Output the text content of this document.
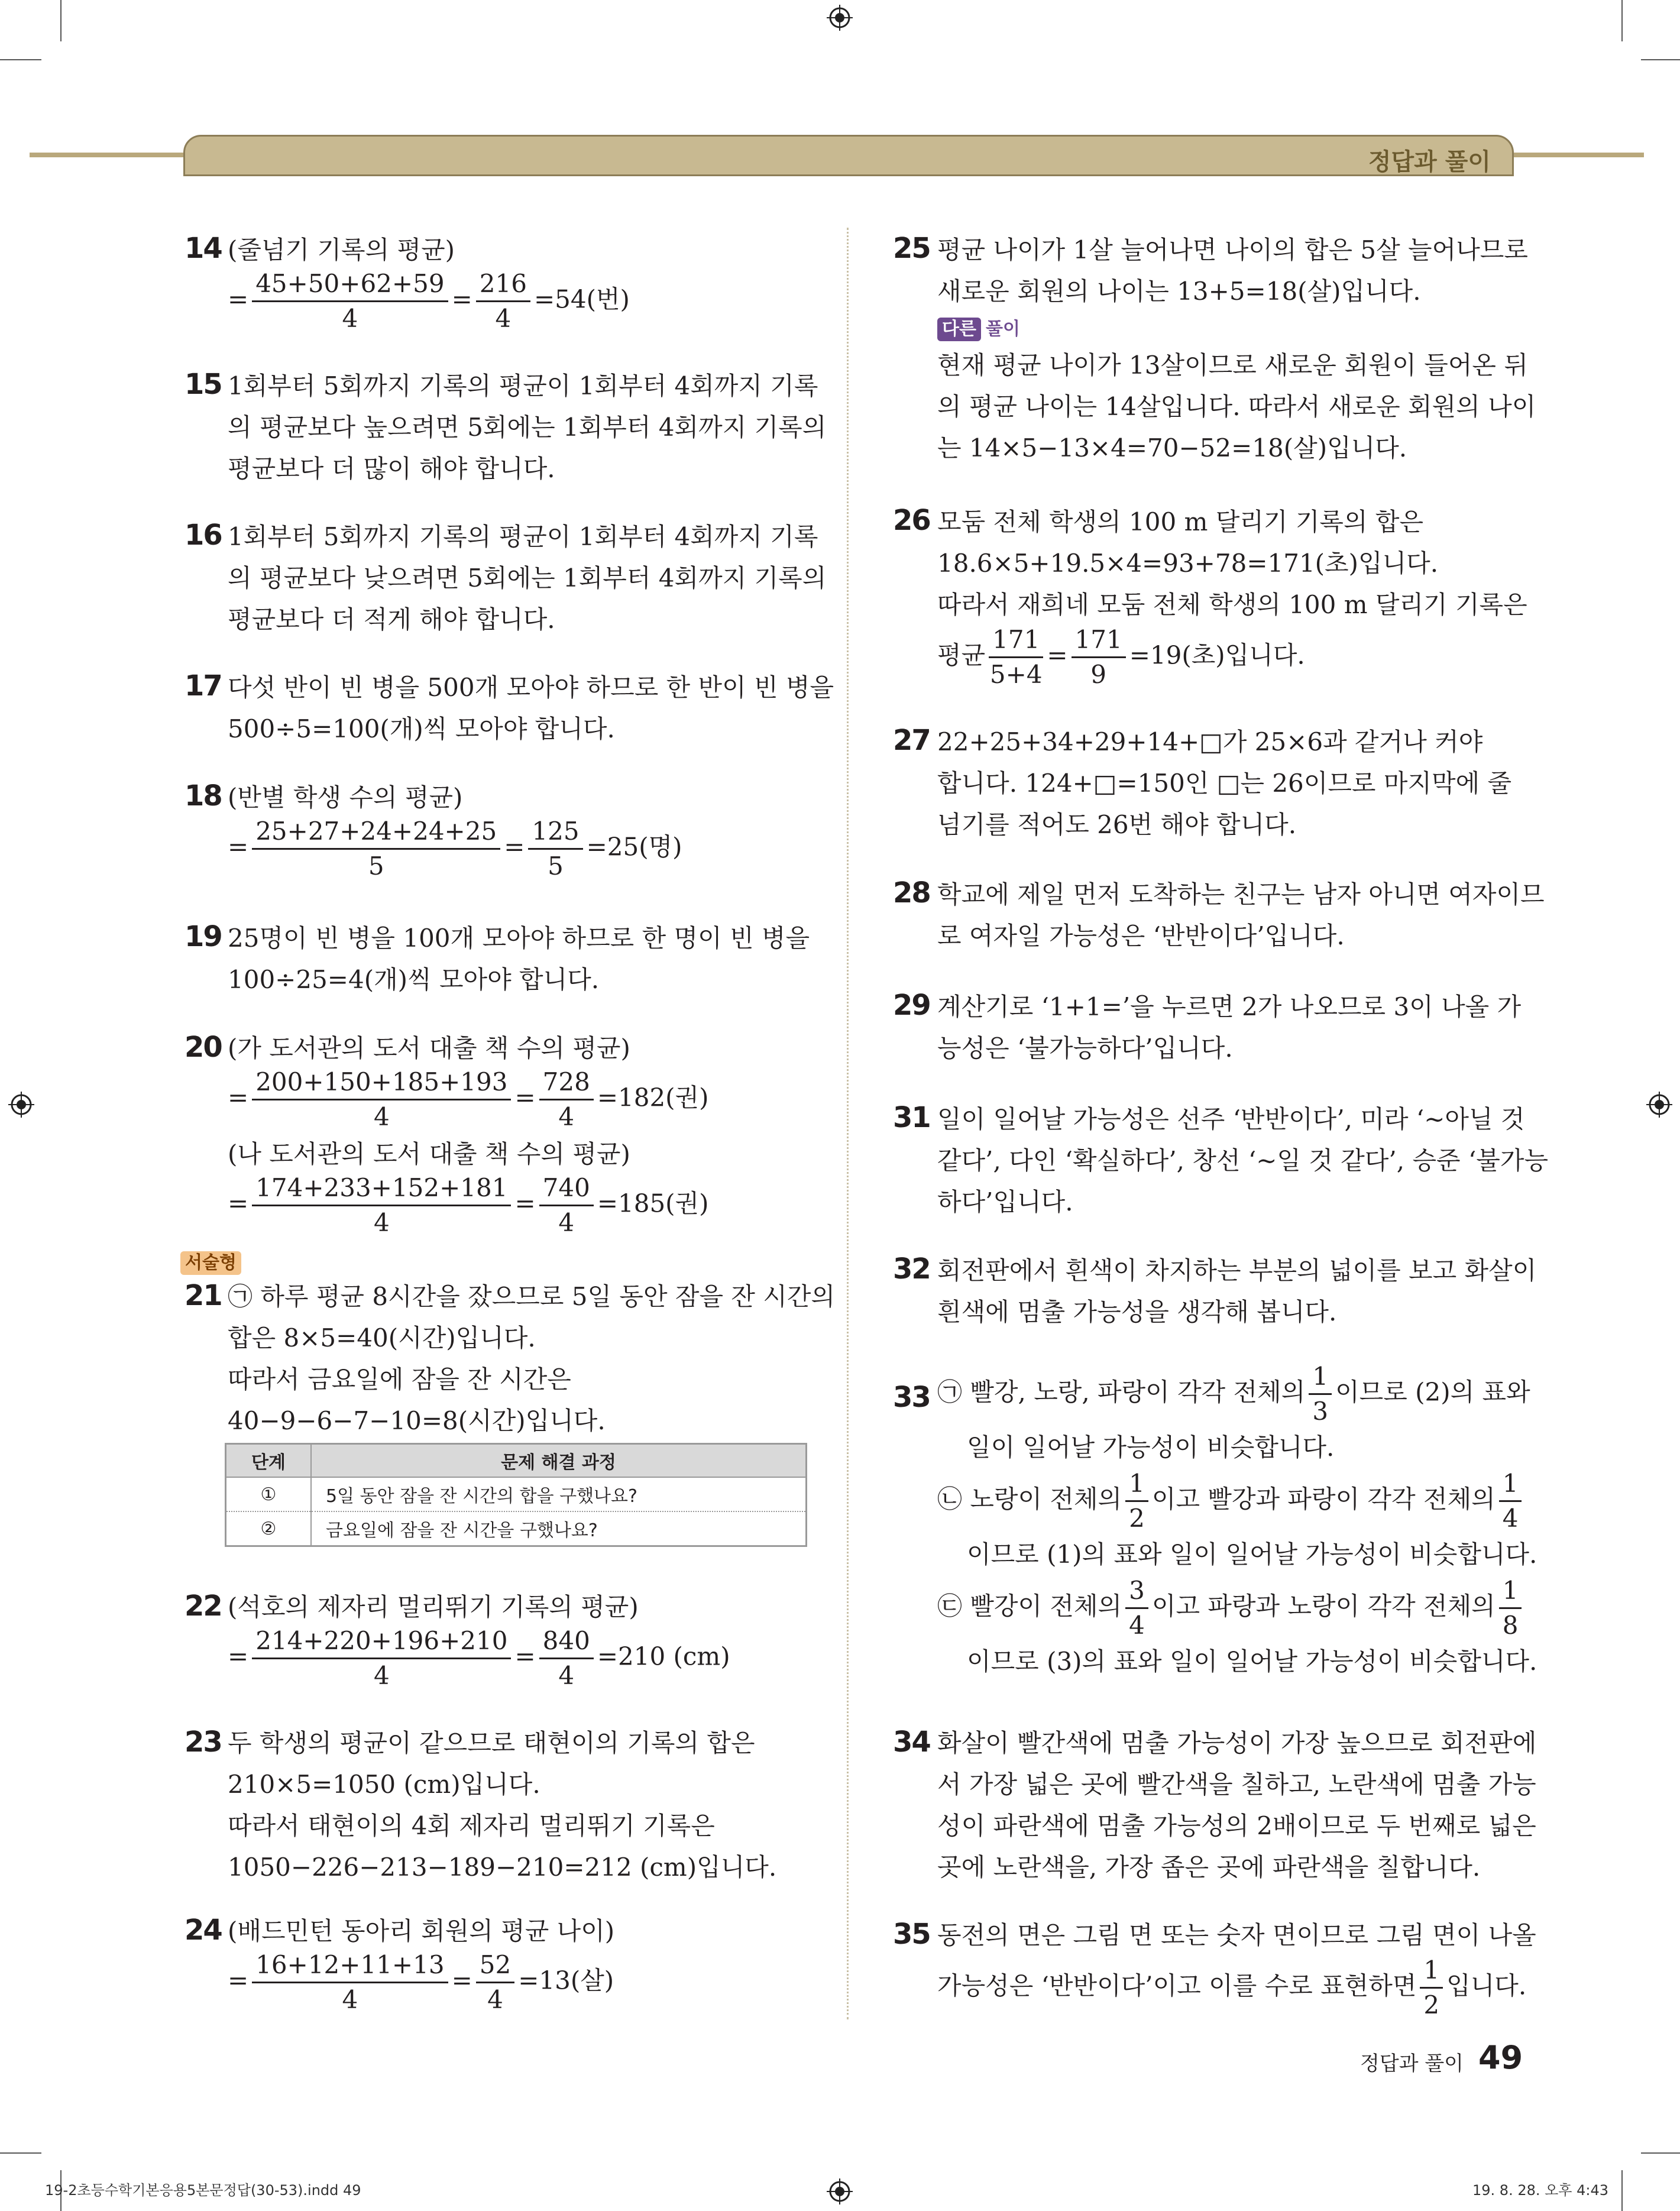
정답과 풀이
14 (줄넘기 기록의 평균)
= $\frac{45+50+62+59}{4} = \frac{216}{4} =54$(번)
15 1회부터 5회까지 기록의 평균이 1회부터 4회까지 기록
의 평균보다 높으려면 5회에는 1회부터 4회까지 기록의
평균보다 더 많이 해야 합니다.
16 1회부터 5회까지 기록의 평균이 1회부터 4회까지 기록
의 평균보다 낮으려면 5회에는 1회부터 4회까지 기록의
평균보다 더 적게 해야 합니다.
17 다섯 반이 빈 병을 500개 모아야 하므로 한 반이 빈 병을
500÷5=100(개)씩 모아야 합니다.
18 (반별 학생 수의 평균)
= $\frac{25+27+24+24+25}{5} = \frac{125}{5} =25$(명)
19 25명이 빈 병을 100개 모아야 하므로 한 명이 빈 병을
100÷25=4(개)씩 모아야 합니다.
20 (가 도서관의 도서 대출 책 수의 평균)
= $\frac{200+150+185+193}{4} = \frac{728}{4} =182$(권)
(나 도서관의 도서 대출 책 수의 평균)
= $\frac{174+233+152+181}{4} = \frac{740}{4} =185$(권)
서술형
21 ㉠ 하루 평균 8시간을 잤으므로 5일 동안 잠을 잔 시간의
합은 8×5=40(시간)입니다.
따라서 금요일에 잠을 잔 시간은
40−9−6−7−10=8(시간)입니다.
단계	문제 해결 과정
①	5일 동안 잠을 잔 시간의 합을 구했나요?
②	금요일에 잠을 잔 시간을 구했나요?
22 (석호의 제자리 멀리뛰기 기록의 평균)
= $\frac{214+220+196+210}{4} = \frac{840}{4} =210$ (cm)
23 두 학생의 평균이 같으므로 태현이의 기록의 합은
210×5=1050 (cm)입니다.
따라서 태현이의 4회 제자리 멀리뛰기 기록은
1050−226−213−189−210=212 (cm)입니다.
24 (배드민턴 동아리 회원의 평균 나이)
= $\frac{16+12+11+13}{4} = \frac{52}{4} =13$(살)
25 평균 나이가 1살 늘어나면 나이의 합은 5살 늘어나므로
새로운 회원의 나이는 13+5=18(살)입니다.
다른 풀이
현재 평균 나이가 13살이므로 새로운 회원이 들어온 뒤
의 평균 나이는 14살입니다. 따라서 새로운 회원의 나이
는 14×5−13×4=70−52=18(살)입니다.
26 모둠 전체 학생의 100 m 달리기 기록의 합은
18.6×5+19.5×4=93+78=171(초)입니다.
따라서 재희네 모둠 전체 학생의 100 m 달리기 기록은
평균 $\frac{171}{5+4} = \frac{171}{9} =19$(초)입니다.
27 22+25+34+29+14+□가 25×6과 같거나 커야
합니다. 124+□=150인 □는 26이므로 마지막에 줄
넘기를 적어도 26번 해야 합니다.
28 학교에 제일 먼저 도착하는 친구는 남자 아니면 여자이므
로 여자일 가능성은 ‘반반이다’입니다.
29 계산기로 ‘1+1=’을 누르면 2가 나오므로 3이 나올 가
능성은 ‘불가능하다’입니다.
31 일이 일어날 가능성은 선주 ‘반반이다’, 미라 ‘~아닐 것
같다’, 다인 ‘확실하다’, 창선 ‘~일 것 같다’, 승준 ‘불가능
하다’입니다.
32 회전판에서 흰색이 차지하는 부분의 넓이를 보고 화살이
흰색에 멈출 가능성을 생각해 봅니다.
33 ㉠ 빨강, 노랑, 파랑이 각각 전체의 $\frac{1}{3}$ 이므로 (2)의 표와
일이 일어날 가능성이 비슷합니다.
㉡ 노랑이 전체의 $\frac{1}{2}$ 이고 빨강과 파랑이 각각 전체의 $\frac{1}{4}$
이므로 (1)의 표와 일이 일어날 가능성이 비슷합니다.
㉢ 빨강이 전체의 $\frac{3}{4}$ 이고 파랑과 노랑이 각각 전체의 $\frac{1}{8}$
이므로 (3)의 표와 일이 일어날 가능성이 비슷합니다.
34 화살이 빨간색에 멈출 가능성이 가장 높으므로 회전판에
서 가장 넓은 곳에 빨간색을 칠하고, 노란색에 멈출 가능
성이 파란색에 멈출 가능성의 2배이므로 두 번째로 넓은
곳에 노란색을, 가장 좁은 곳에 파란색을 칠합니다.
35 동전의 면은 그림 면 또는 숫자 면이므로 그림 면이 나올
가능성은 ‘반반이다’이고 이를 수로 표현하면 $\frac{1}{2}$ 입니다.
정답과 풀이 49
19-2초등수학기본응용5본문정답(30-53).indd 49	19. 8. 28. 오후 4:43
